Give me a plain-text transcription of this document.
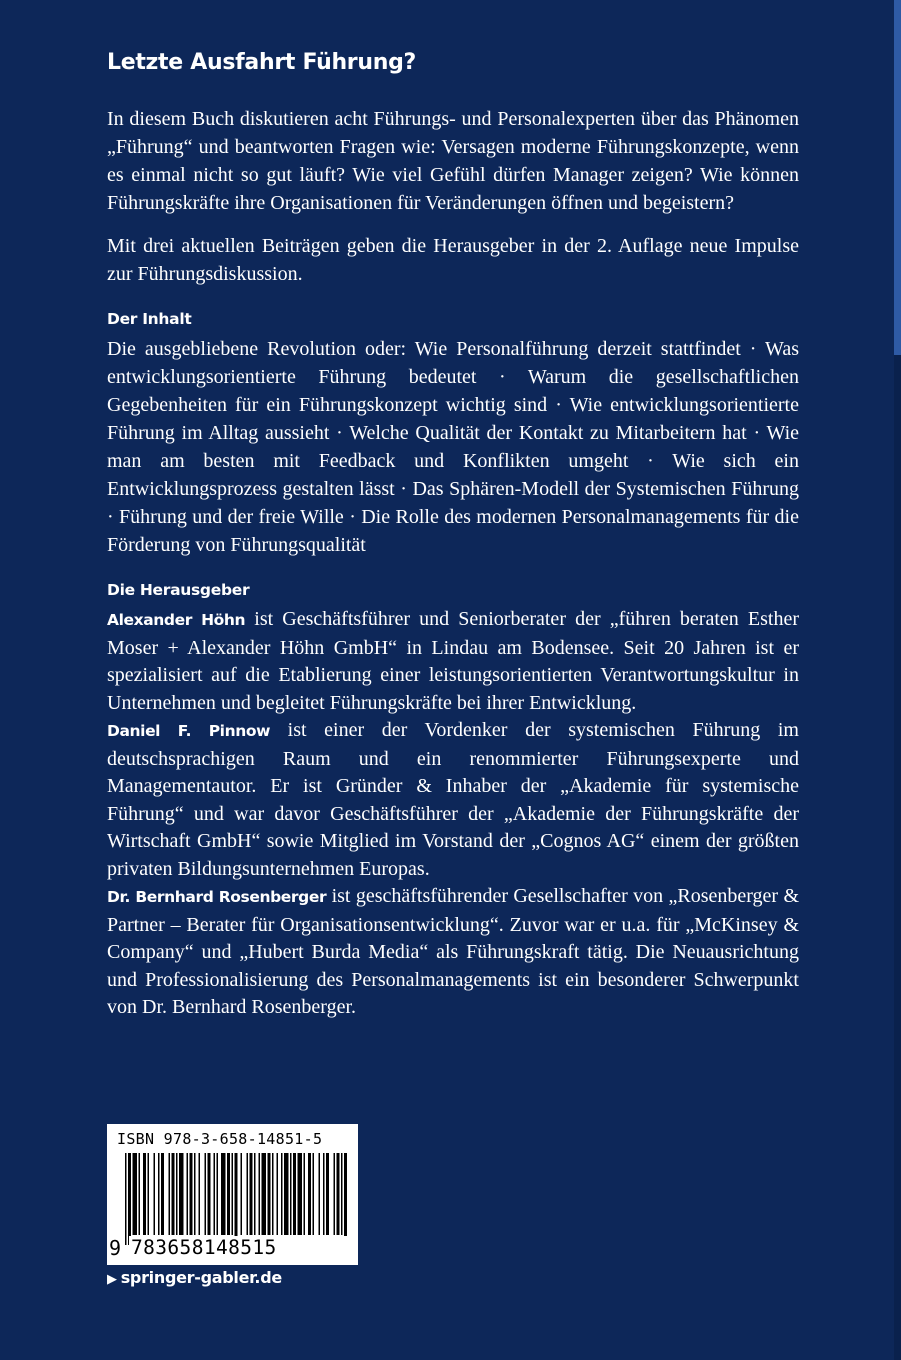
Letzte Ausfahrt Führung?

In diesem Buch diskutieren acht Führungs- und Personalexperten über das Phänomen „Führung“ und beantworten Fragen wie: Versagen moderne Führungskonzepte, wenn es einmal nicht so gut läuft? Wie viel Gefühl dürfen Manager zeigen? Wie können Führungskräfte ihre Organisationen für Veränderungen öffnen und begeistern?

Mit drei aktuellen Beiträgen geben die Herausgeber in der 2. Auflage neue Impulse zur Führungsdiskussion.

Der Inhalt

Die ausgebliebene Revolution oder: Wie Personalführung derzeit stattfindet · Was entwicklungsorientierte Führung bedeutet · Warum die gesellschaftlichen Gegebenheiten für ein Führungskonzept wichtig sind · Wie entwicklungsorientierte Führung im Alltag aussieht · Welche Qualität der Kontakt zu Mitarbeitern hat · Wie man am besten mit Feedback und Konflikten umgeht · Wie sich ein Entwicklungsprozess gestalten lässt · Das Sphären-Modell der Systemischen Führung · Führung und der freie Wille · Die Rolle des modernen Personalmanagements für die Förderung von Führungsqualität

Die Herausgeber

Alexander Höhn ist Geschäftsführer und Seniorberater der „führen beraten Esther Moser + Alexander Höhn GmbH“ in Lindau am Bodensee. Seit 20 Jahren ist er spezialisiert auf die Etablierung einer leistungsorientierten Verantwortungskultur in Unternehmen und begleitet Führungskräfte bei ihrer Entwicklung.

Daniel F. Pinnow ist einer der Vordenker der systemischen Führung im deutschsprachigen Raum und ein renommierter Führungsexperte und Managementautor. Er ist Gründer & Inhaber der „Akademie für systemische Führung“ und war davor Geschäftsführer der „Akademie der Führungskräfte der Wirtschaft GmbH“ sowie Mitglied im Vorstand der „Cognos AG“ einem der größten privaten Bildungsunternehmen Europas.

Dr. Bernhard Rosenberger ist geschäftsführender Gesellschafter von „Rosenberger & Partner – Berater für Organisationsentwicklung“. Zuvor war er u.a. für „McKinsey & Company“ und „Hubert Burda Media“ als Führungskraft tätig. Die Neuausrichtung und Professionalisierung des Personalmanagements ist ein besonderer Schwerpunkt von Dr. Bernhard Rosenberger.

ISBN 978-3-658-14851-5
9 783658148515
▶ springer-gabler.de
